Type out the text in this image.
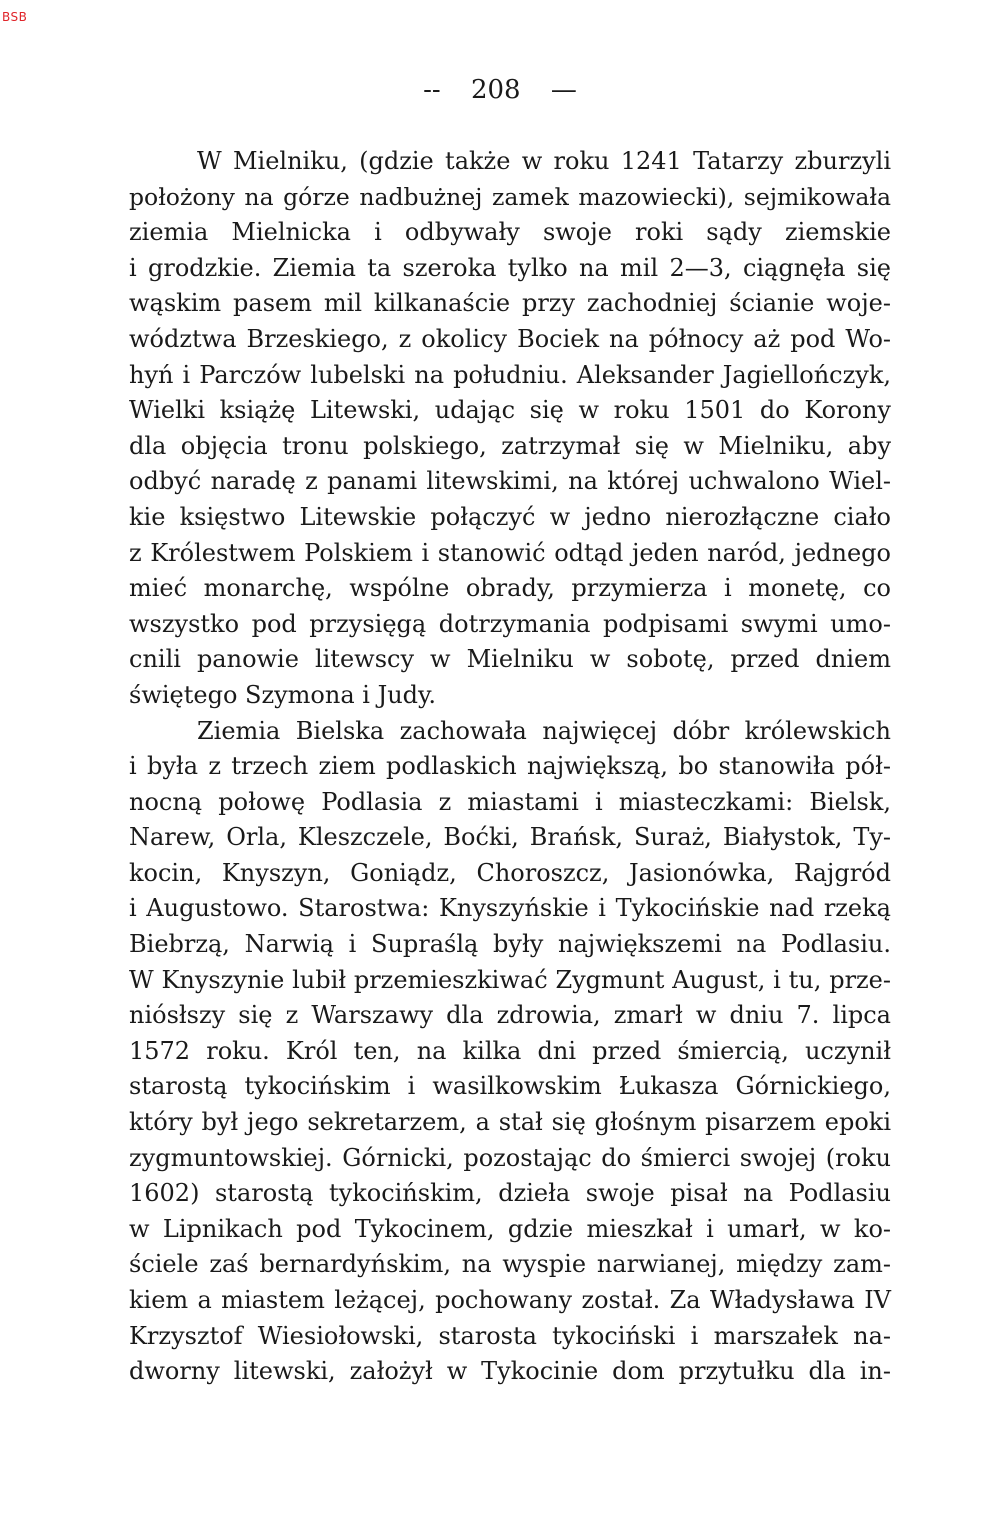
BSB
-- 208 —
W Mielniku, (gdzie także w roku 1241 Tatarzy zburzyli
położony na górze nadbużnej zamek mazowiecki), sejmikowała
ziemia Mielnicka i odbywały swoje roki sądy ziemskie
i grodzkie. Ziemia ta szeroka tylko na mil 2—3, ciągnęła się
wąskim pasem mil kilkanaście przy zachodniej ścianie woje-
wództwa Brzeskiego, z okolicy Bociek na północy aż pod Wo-
hyń i Parczów lubelski na południu. Aleksander Jagiellończyk,
Wielki książę Litewski, udając się w roku 1501 do Korony
dla objęcia tronu polskiego, zatrzymał się w Mielniku, aby
odbyć naradę z panami litewskimi, na której uchwalono Wiel-
kie księstwo Litewskie połączyć w jedno nierozłączne ciało
z Królestwem Polskiem i stanowić odtąd jeden naród, jednego
mieć monarchę, wspólne obrady, przymierza i monetę, co
wszystko pod przysięgą dotrzymania podpisami swymi umo-
cnili panowie litewscy w Mielniku w sobotę, przed dniem
świętego Szymona i Judy.
Ziemia Bielska zachowała najwięcej dóbr królewskich
i była z trzech ziem podlaskich największą, bo stanowiła pół-
nocną połowę Podlasia z miastami i miasteczkami: Bielsk,
Narew, Orla, Kleszczele, Boćki, Brańsk, Suraż, Białystok, Ty-
kocin, Knyszyn, Goniądz, Choroszcz, Jasionówka, Rajgród
i Augustowo. Starostwa: Knyszyńskie i Tykocińskie nad rzeką
Biebrzą, Narwią i Supraślą były największemi na Podlasiu.
W Knyszynie lubił przemieszkiwać Zygmunt August, i tu, prze-
niósłszy się z Warszawy dla zdrowia, zmarł w dniu 7. lipca
1572 roku. Król ten, na kilka dni przed śmiercią, uczynił
starostą tykocińskim i wasilkowskim Łukasza Górnickiego,
który był jego sekretarzem, a stał się głośnym pisarzem epoki
zygmuntowskiej. Górnicki, pozostając do śmierci swojej (roku
1602) starostą tykocińskim, dzieła swoje pisał na Podlasiu
w Lipnikach pod Tykocinem, gdzie mieszkał i umarł, w ko-
ściele zaś bernardyńskim, na wyspie narwianej, między zam-
kiem a miastem leżącej, pochowany został. Za Władysława IV
Krzysztof Wiesiołowski, starosta tykociński i marszałek na-
dworny litewski, założył w Tykocinie dom przytułku dla in-
